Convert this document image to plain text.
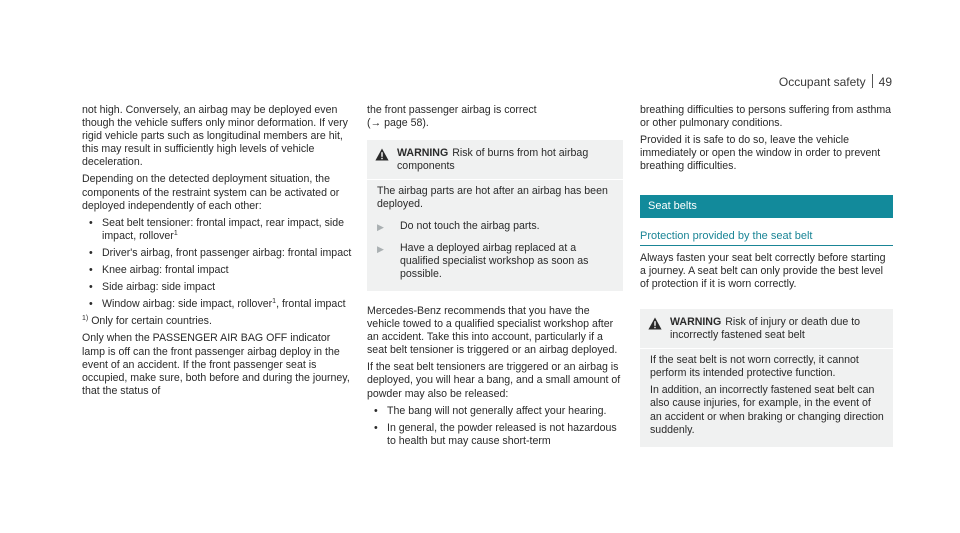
Occupant safety 49

not high. Conversely, an airbag may be deployed even though the vehicle suffers only minor deformation. If very rigid vehicle parts such as longitudinal members are hit, this may result in sufficiently high levels of vehicle deceleration.

Depending on the detected deployment situation, the components of the restraint system can be activated or deployed independently of each other:

• Seat belt tensioner: frontal impact, rear impact, side impact, rollover$^1$
• Driver's airbag, front passenger airbag: frontal impact
• Knee airbag: frontal impact
• Side airbag: side impact
• Window airbag: side impact, rollover$^1$, frontal impact

$^{1)}$ Only for certain countries.

Only when the PASSENGER AIR BAG OFF indicator lamp is off can the front passenger airbag deploy in the event of an accident. If the front passenger seat is occupied, make sure, both before and during the journey, that the status of

the front passenger airbag is correct
(→ page 58).

WARNING Risk of burns from hot airbag components

The airbag parts are hot after an airbag has been deployed.

▶	Do not touch the airbag parts.
▶	Have a deployed airbag replaced at a qualified specialist workshop as soon as possible.

Mercedes-Benz recommends that you have the vehicle towed to a qualified specialist workshop after an accident. Take this into account, particularly if a seat belt tensioner is triggered or an airbag deployed.

If the seat belt tensioners are triggered or an airbag is deployed, you will hear a bang, and a small amount of powder may also be released:

• The bang will not generally affect your hearing.
• In general, the powder released is not hazardous to health but may cause short-term

breathing difficulties to persons suffering from asthma or other pulmonary conditions.

Provided it is safe to do so, leave the vehicle immediately or open the window in order to prevent breathing difficulties.

Seat belts
Protection provided by the seat belt

Always fasten your seat belt correctly before starting a journey. A seat belt can only provide the best level of protection if it is worn correctly.

WARNING Risk of injury or death due to incorrectly fastened seat belt

If the seat belt is not worn correctly, it cannot perform its intended protective function.

In addition, an incorrectly fastened seat belt can also cause injuries, for example, in the event of an accident or when braking or changing direction suddenly.
